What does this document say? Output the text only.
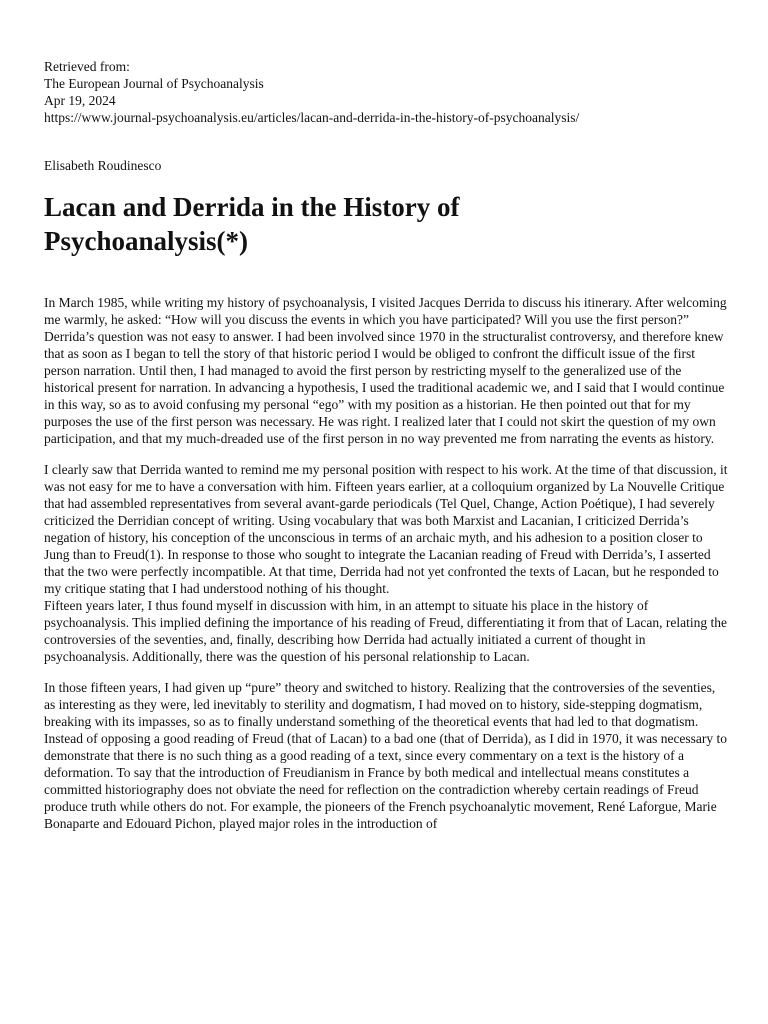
Retrieved from:
The European Journal of Psychoanalysis
Apr 19, 2024
https://www.journal-psychoanalysis.eu/articles/lacan-and-derrida-in-the-history-of-psychoanalysis/
Elisabeth Roudinesco
Lacan and Derrida in the History of Psychoanalysis(*)

In March 1985, while writing my history of psychoanalysis, I visited Jacques Derrida to discuss his itinerary. After welcoming me warmly, he asked: “How will you discuss the events in which you have participated? Will you use the first person?” Derrida’s question was not easy to answer. I had been involved since 1970 in the structuralist controversy, and therefore knew that as soon as I began to tell the story of that historic period I would be obliged to confront the difficult issue of the first person narration. Until then, I had managed to avoid the first person by restricting myself to the generalized use of the historical present for narration. In advancing a hypothesis, I used the traditional academic we, and I said that I would continue in this way, so as to avoid confusing my personal “ego” with my position as a historian. He then pointed out that for my purposes the use of the first person was necessary. He was right. I realized later that I could not skirt the question of my own participation, and that my much-dreaded use of the first person in no way prevented me from narrating the events as history.

I clearly saw that Derrida wanted to remind me my personal position with respect to his work. At the time of that discussion, it was not easy for me to have a conversation with him. Fifteen years earlier, at a colloquium organized by La Nouvelle Critique that had assembled representatives from several avant-garde periodicals (Tel Quel, Change, Action Poétique), I had severely criticized the Derridian concept of writing. Using vocabulary that was both Marxist and Lacanian, I criticized Derrida’s negation of history, his conception of the unconscious in terms of an archaic myth, and his adhesion to a position closer to Jung than to Freud(1). In response to those who sought to integrate the Lacanian reading of Freud with Derrida’s, I asserted that the two were perfectly incompatible. At that time, Derrida had not yet confronted the texts of Lacan, but he responded to my critique stating that I had understood nothing of his thought.

Fifteen years later, I thus found myself in discussion with him, in an attempt to situate his place in the history of psychoanalysis. This implied defining the importance of his reading of Freud, differentiating it from that of Lacan, relating the controversies of the seventies, and, finally, describing how Derrida had actually initiated a current of thought in psychoanalysis. Additionally, there was the question of his personal relationship to Lacan.

In those fifteen years, I had given up “pure” theory and switched to history. Realizing that the controversies of the seventies, as interesting as they were, led inevitably to sterility and dogmatism, I had moved on to history, side-stepping dogmatism, breaking with its impasses, so as to finally understand something of the theoretical events that had led to that dogmatism. Instead of opposing a good reading of Freud (that of Lacan) to a bad one (that of Derrida), as I did in 1970, it was necessary to demonstrate that there is no such thing as a good reading of a text, since every commentary on a text is the history of a deformation. To say that the introduction of Freudianism in France by both medical and intellectual means constitutes a committed historiography does not obviate the need for reflection on the contradiction whereby certain readings of Freud produce truth while others do not. For example, the pioneers of the French psychoanalytic movement, René Laforgue, Marie Bonaparte and Edouard Pichon, played major roles in the introduction of
